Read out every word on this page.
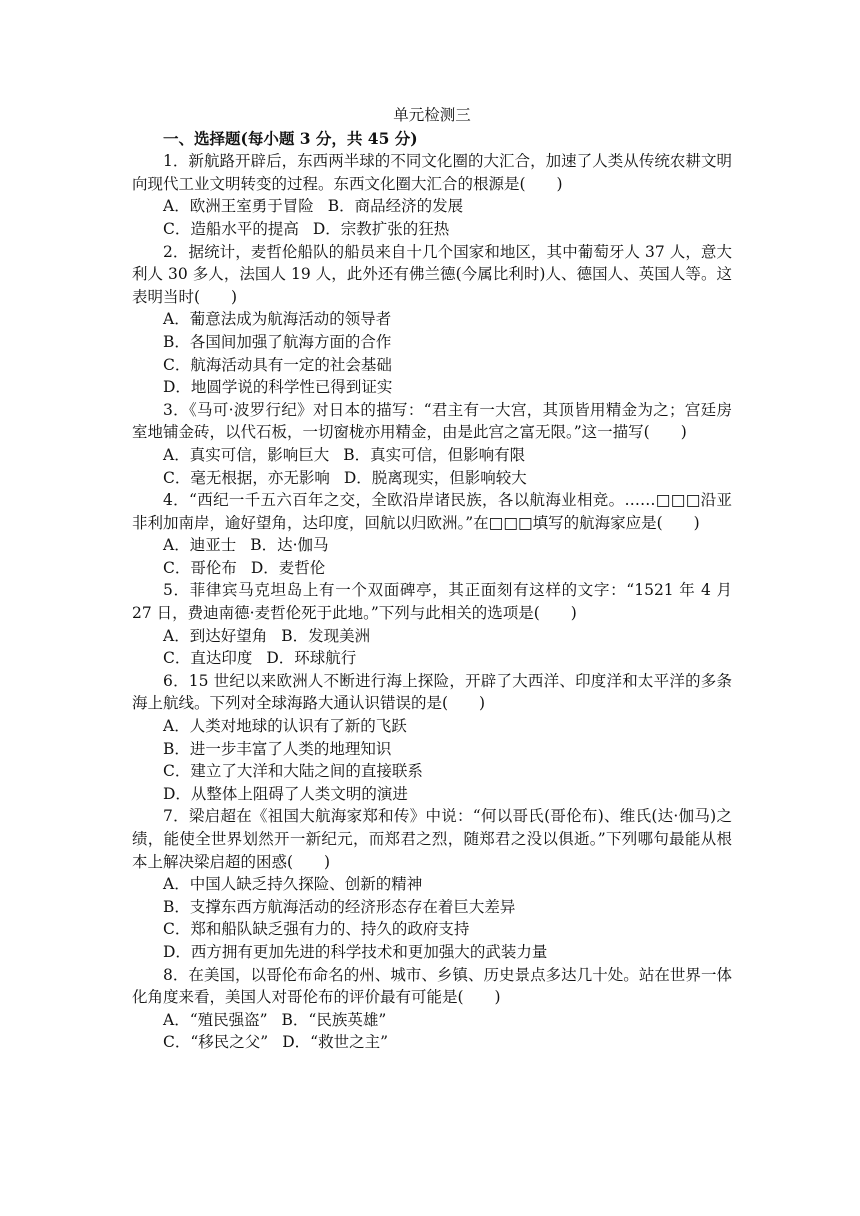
单元检测三
一、选择题(每小题 3 分，共 45 分)

1．新航路开辟后，东西两半球的不同文化圈的大汇合，加速了人类从传统农耕文明向现代工业文明转变的过程。东西文化圈大汇合的根源是(　　)

A．欧洲王室勇于冒险 B．商品经济的发展
C．造船水平的提高 D．宗教扩张的狂热

2．据统计，麦哲伦船队的船员来自十几个国家和地区，其中葡萄牙人 37 人，意大利人 30 多人，法国人 19 人，此外还有佛兰德(今属比利时)人、德国人、英国人等。这表明当时(　　)

A．葡意法成为航海活动的领导者
B．各国间加强了航海方面的合作
C．航海活动具有一定的社会基础
D．地圆学说的科学性已得到证实

3．《马可·波罗行纪》对日本的描写：“君主有一大宫，其顶皆用精金为之；宫廷房室地铺金砖，以代石板，一切窗栊亦用精金，由是此宫之富无限。”这一描写(　　)

A．真实可信，影响巨大 B．真实可信，但影响有限
C．毫无根据，亦无影响 D．脱离现实，但影响较大

4．“西纪一千五六百年之交，全欧沿岸诸民族，各以航海业相竞。……□□□沿亚非利加南岸，逾好望角，达印度，回航以归欧洲。”在□□□填写的航海家应是(　　)

A．迪亚士 B．达·伽马
C．哥伦布 D．麦哲伦

5．菲律宾马克坦岛上有一个双面碑亭，其正面刻有这样的文字：“1521 年 4 月 27 日，费迪南德·麦哲伦死于此地。”下列与此相关的选项是(　　)

A．到达好望角 B．发现美洲
C．直达印度 D．环球航行

6．15 世纪以来欧洲人不断进行海上探险，开辟了大西洋、印度洋和太平洋的多条海上航线。下列对全球海路大通认识错误的是(　　)

A．人类对地球的认识有了新的飞跃
B．进一步丰富了人类的地理知识
C．建立了大洋和大陆之间的直接联系
D．从整体上阻碍了人类文明的演进

7．梁启超在《祖国大航海家郑和传》中说：“何以哥氏(哥伦布)、维氏(达·伽马)之绩，能使全世界划然开一新纪元，而郑君之烈，随郑君之没以俱逝。”下列哪句最能从根本上解决梁启超的困惑(　　)

A．中国人缺乏持久探险、创新的精神
B．支撑东西方航海活动的经济形态存在着巨大差异
C．郑和船队缺乏强有力的、持久的政府支持
D．西方拥有更加先进的科学技术和更加强大的武装力量

8．在美国，以哥伦布命名的州、城市、乡镇、历史景点多达几十处。站在世界一体化角度来看，美国人对哥伦布的评价最有可能是(　　)

A．“殖民强盗” B．“民族英雄”
C．“移民之父” D．“救世之主”
